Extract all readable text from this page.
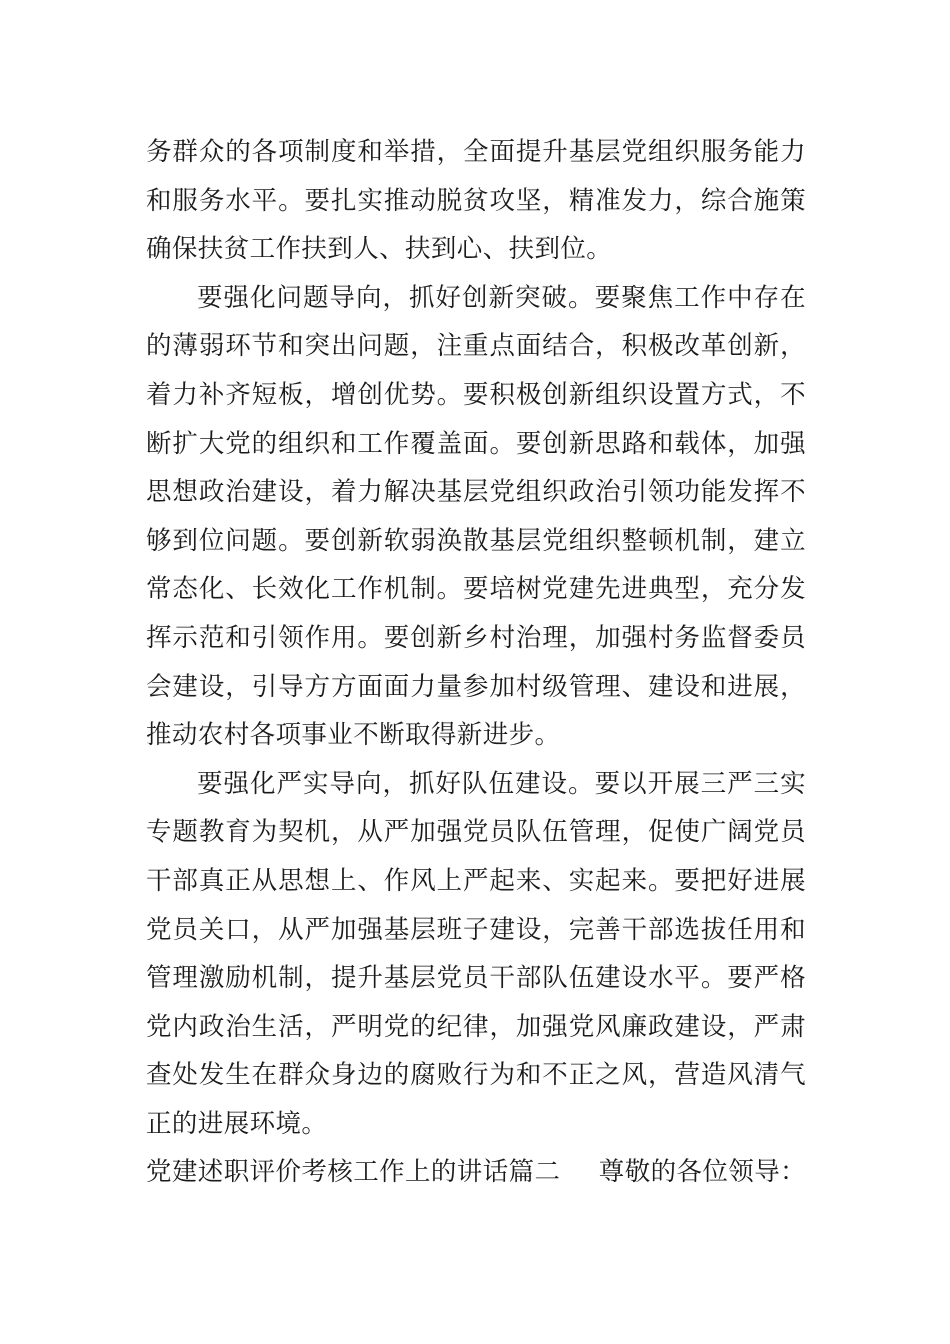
务群众的各项制度和举措，全面提升基层党组织服务能力和服务水平。要扎实推动脱贫攻坚，精准发力，综合施策确保扶贫工作扶到人、扶到心、扶到位。

要强化问题导向，抓好创新突破。要聚焦工作中存在的薄弱环节和突出问题，注重点面结合，积极改革创新，着力补齐短板，增创优势。要积极创新组织设置方式，不断扩大党的组织和工作覆盖面。要创新思路和载体，加强思想政治建设，着力解决基层党组织政治引领功能发挥不够到位问题。要创新软弱涣散基层党组织整顿机制，建立常态化、长效化工作机制。要培树党建先进典型，充分发挥示范和引领作用。要创新乡村治理，加强村务监督委员会建设，引导方方面面力量参加村级管理、建设和进展，推动农村各项事业不断取得新进步。

要强化严实导向，抓好队伍建设。要以开展三严三实专题教育为契机，从严加强党员队伍管理，促使广阔党员干部真正从思想上、作风上严起来、实起来。要把好进展党员关口，从严加强基层班子建设，完善干部选拔任用和管理激励机制，提升基层党员干部队伍建设水平。要严格党内政治生活，严明党的纪律，加强党风廉政建设，严肃查处发生在群众身边的腐败行为和不正之风，营造风清气正的进展环境。

党建述职评价考核工作上的讲话篇二 尊敬的各位领导：
